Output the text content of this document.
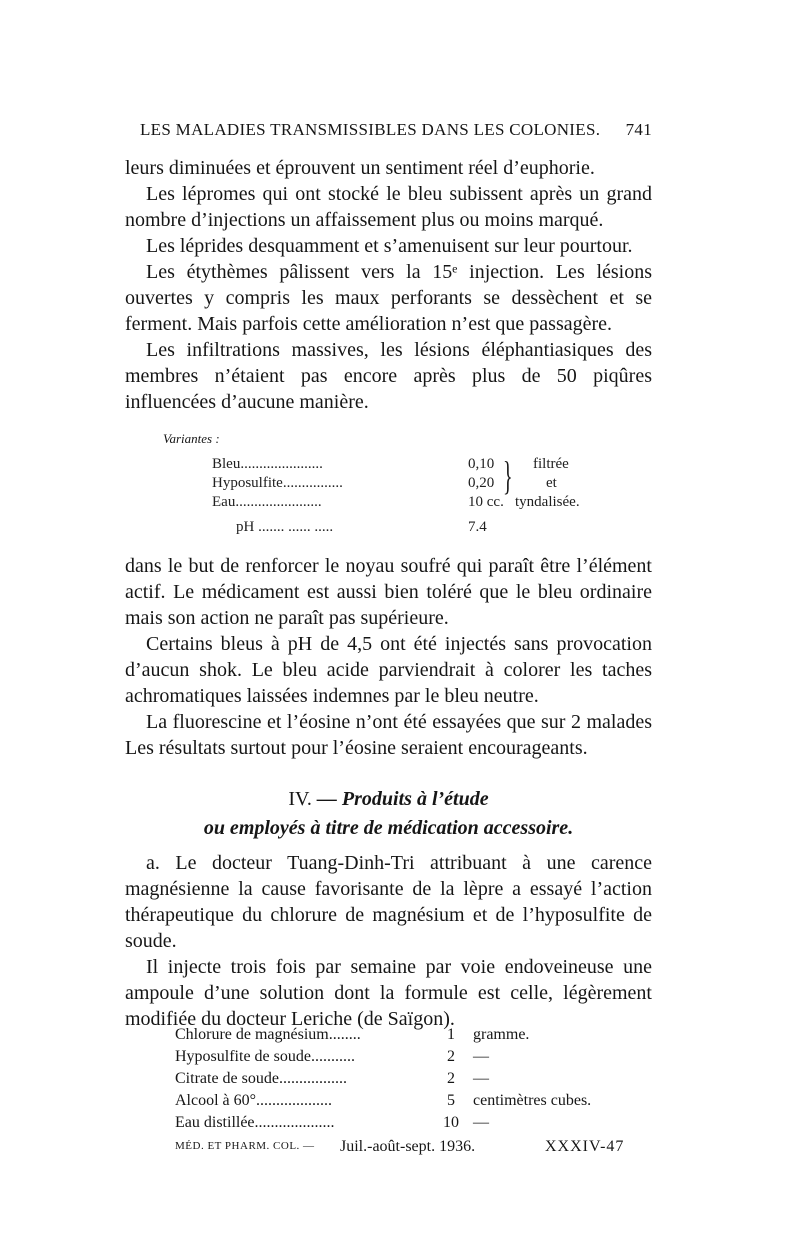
LES MALADIES TRANSMISSIBLES DANS LES COLONIES. 741

leurs diminuées et éprouvent un sentiment réel d’euphorie.

Les lépromes qui ont stocké le bleu subissent après un grand nombre d’injections un affaissement plus ou moins marqué.

Les léprides desquamment et s’amenuisent sur leur pourtour.

Les étythèmes pâlissent vers la 15ᵉ injection. Les lésions ouvertes y compris les maux perforants se dessèchent et se ferment. Mais parfois cette amélioration n’est que passagère.

Les infiltrations massives, les lésions éléphantiasiques des membres n’étaient pas encore après plus de 50 piqûres influencées d’aucune manière.

Variantes :
Bleu......................	0,10
Hyposulfite................	0,20
Eau.......................	10 cc.
pH ....... ...... .....	7.4
} filtrée
et
tyndalisée.

dans le but de renforcer le noyau soufré qui paraît être l’élément actif. Le médicament est aussi bien toléré que le bleu ordinaire mais son action ne paraît pas supérieure.

Certains bleus à pH de 4,5 ont été injectés sans provocation d’aucun shok. Le bleu acide parviendrait à colorer les taches achromatiques laissées indemnes par le bleu neutre.

La fluorescine et l’éosine n’ont été essayées que sur 2 malades Les résultats surtout pour l’éosine seraient encourageants.

IV. — Produits à l’étude
ou employés à titre de médication accessoire.

a. Le docteur Tuang-Dinh-Tri attribuant à une carence magnésienne la cause favorisante de la lèpre a essayé l’action thérapeutique du chlorure de magnésium et de l’hyposulfite de soude.

Il injecte trois fois par semaine par voie endoveineuse une ampoule d’une solution dont la formule est celle, légèrement modifiée du docteur Leriche (de Saïgon).

Chlorure de magnésium........	1 gramme.
Hyposulfite de soude...........	2 —
Citrate de soude.................	2 —
Alcool à 60°...................	5 centimètres cubes.
Eau distillée....................	10 —
MÉD. ET PHARM. COL. — Juil.-août-sept. 1936.	XXXIV-47
